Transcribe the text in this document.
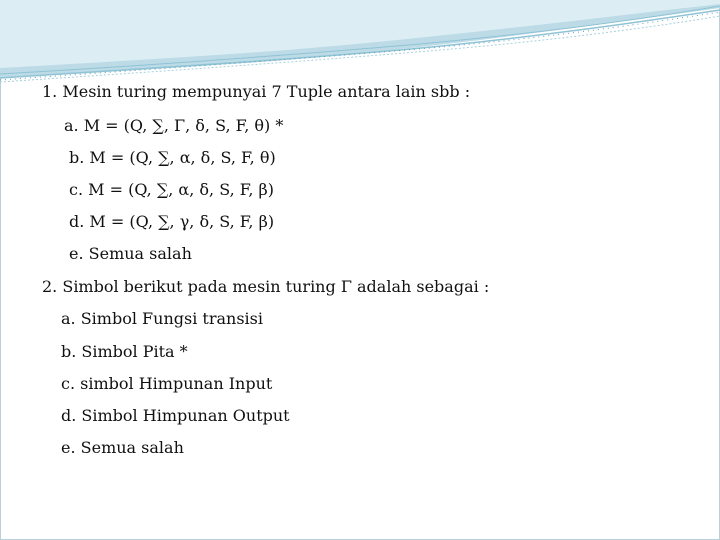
1. Mesin turing mempunyai 7 Tuple antara lain sbb :
a. M = (Q, ∑, Γ, δ, S, F, θ) *
b. M = (Q, ∑, α, δ, S, F, θ)
c. M = (Q, ∑, α, δ, S, F, β)
d. M = (Q, ∑, γ, δ, S, F, β)
e. Semua salah
2. Simbol berikut pada mesin turing Γ adalah sebagai :
a. Simbol Fungsi transisi
b. Simbol Pita *
c. simbol Himpunan Input
d. Simbol Himpunan Output
e. Semua salah
